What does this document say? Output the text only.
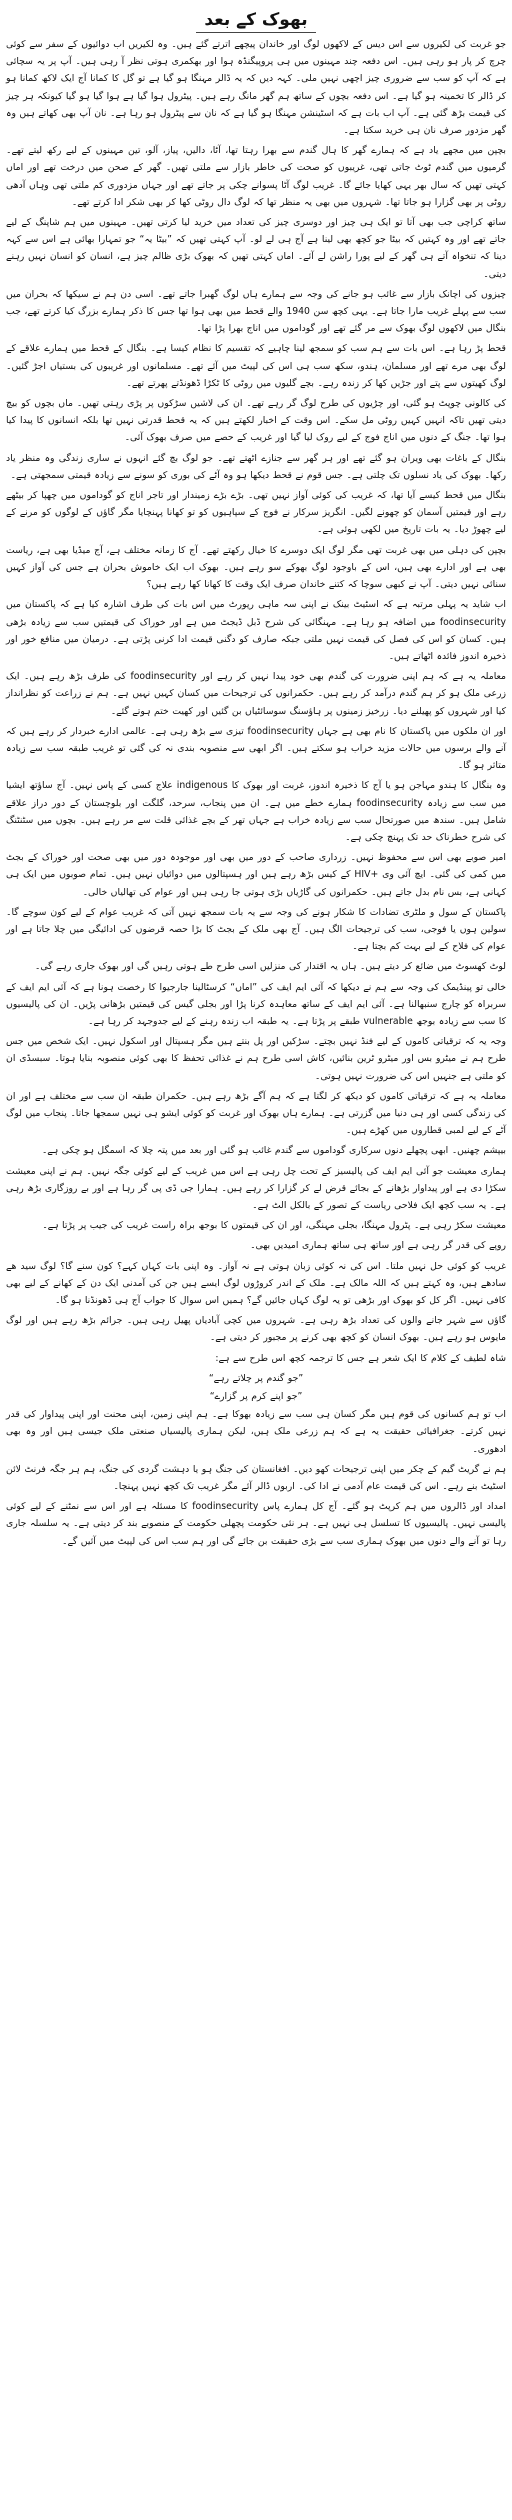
بھوک کے بعد

جو غربت کی لکیروں سے اس دیس کے لاکھوں لوگ اور خاندان پیچھے اترتے گئے ہیں۔ وہ لکیریں اب دوائیوں کے سفر سے کوئی چرچ کر پار ہو رہی ہیں۔ اس دفعہ چند مہینوں میں ہی پروپیگنڈہ ہوا اور بھکمری ہوتی نظر آ رہی ہیں۔ آپ پر یہ سچائی ہے کہ آپ کو سب سے ضروری چیز اچھی نہیں ملی۔ کہہ دیں کہ یہ ڈالر مہنگا ہو گیا ہے تو گل کا کمانا آج ایک لاکھ کمانا ہو کر ڈالر کا تخمینہ ہو گیا ہے۔ اس دفعہ بچوں کے ساتھ ہم گھر مانگ رہے ہیں۔ پیٹرول ہوا گیا ہے ہوا گیا ہو گیا کیونکہ ہر چیز کی قیمت بڑھ گئی ہے۔ آپ اب بات ہے کہ اسٹینشن مہنگا ہو گیا ہے کہ نان سے پیٹرول ہو رہا ہے۔ نان آپ بھی کھاتے ہیں وہ گھر مزدور صرف نان ہی خرید سکتا ہے۔

بچپن میں مجھے یاد ہے کہ ہمارے گھر کا ہال گندم سے بھرا رہتا تھا، آٹا، دالیں، پیاز، آلو، تین مہینوں کے لیے رکھ لیتے تھے۔ گرمیوں میں گندم ٹوٹ جاتی تھی، غریبوں کو صحت کی خاطر بازار سے ملتی تھیں۔ گھر کے صحن میں درخت تھے اور اماں کہتی تھیں کہ سال بھر یہی کھایا جائے گا۔ غریب لوگ آٹا پسوانے چکی پر جاتے تھے اور جہاں مزدوری کم ملتی تھی وہاں آدھی روٹی پر بھی گزارا ہو جاتا تھا۔ شہروں میں بھی یہ منظر تھا کہ لوگ دال روٹی کھا کر بھی شکر ادا کرتے تھے۔

ساتھ کراچی جب بھی آتا تو ایک ہی چیز اور دوسری چیز کی تعداد میں خرید لیا کرتی تھیں۔ مہینوں میں ہم شاپنگ کے لیے جاتے تھے اور وہ کہتیں کہ بیٹا جو کچھ بھی لینا ہے آج ہی لے لو۔ آپ کہتی تھیں کہ ”بیٹا یہ“ جو تمہارا بھائی ہے اس سے کہہ دینا کہ تنخواہ آتے ہی گھر کے لیے پورا راشن لے آئے۔ اماں کہتی تھیں کہ بھوک بڑی ظالم چیز ہے، انسان کو انسان نہیں رہنے دیتی۔

چیزوں کی اچانک بازار سے غائب ہو جانے کی وجہ سے ہمارے ہاں لوگ گھبرا جاتے تھے۔ اسی دن ہم نے سیکھا کہ بحران میں سب سے پہلے غریب مارا جاتا ہے۔ یہی کچھ سن 1940 والے قحط میں بھی ہوا تھا جس کا ذکر ہمارے بزرگ کیا کرتے تھے، جب بنگال میں لاکھوں لوگ بھوک سے مر گئے تھے اور گوداموں میں اناج بھرا پڑا تھا۔

قحط پڑ رہا ہے۔ اس بات سے ہم سب کو سمجھ لینا چاہیے کہ تقسیم کا نظام کیسا ہے۔ بنگال کے قحط میں ہمارے علاقے کے لوگ بھی مرے تھے اور مسلمان، ہندو، سکھ سب ہی اس کی لپیٹ میں آئے تھے۔ مسلمانوں اور غریبوں کی بستیاں اجڑ گئیں۔ لوگ کھیتوں سے پتے اور جڑیں کھا کر زندہ رہے۔ بچے گلیوں میں روٹی کا ٹکڑا ڈھونڈتے پھرتے تھے۔

کی کالونی چوپٹ ہو گئی، اور چڑیوں کی طرح لوگ گر رہے تھے۔ ان کی لاشیں سڑکوں پر پڑی رہتی تھیں۔ ماں بچوں کو بیچ دیتی تھیں تاکہ انہیں کہیں روٹی مل سکے۔ اس وقت کے اخبار لکھتے ہیں کہ یہ قحط قدرتی نہیں تھا بلکہ انسانوں کا پیدا کیا ہوا تھا۔ جنگ کے دنوں میں اناج فوج کے لیے روک لیا گیا اور غریب کے حصے میں صرف بھوک آئی۔

بنگال کے باغات بھی ویران ہو گئے تھے اور ہر گھر سے جنازے اٹھتے تھے۔ جو لوگ بچ گئے انہوں نے ساری زندگی وہ منظر یاد رکھا۔ بھوک کی یاد نسلوں تک چلتی ہے۔ جس قوم نے قحط دیکھا ہو وہ آٹے کی بوری کو سونے سے زیادہ قیمتی سمجھتی ہے۔

بنگال میں قحط کیسے آیا تھا، کہ غریب کی کوئی آواز نہیں تھی۔ بڑے بڑے زمیندار اور تاجر اناج کو گوداموں میں چھپا کر بیٹھے رہے اور قیمتیں آسمان کو چھونے لگیں۔ انگریز سرکار نے فوج کے سپاہیوں کو تو کھانا پہنچایا مگر گاؤں کے لوگوں کو مرنے کے لیے چھوڑ دیا۔ یہ بات تاریخ میں لکھی ہوئی ہے۔

بچپن کی دہلی میں بھی غربت تھی مگر لوگ ایک دوسرے کا خیال رکھتے تھے۔ آج کا زمانہ مختلف ہے، آج میڈیا بھی ہے، ریاست بھی ہے اور ادارے بھی ہیں، اس کے باوجود لوگ بھوکے سو رہے ہیں۔ بھوک اب ایک خاموش بحران ہے جس کی آواز کہیں سنائی نہیں دیتی۔ آپ نے کبھی سوچا کہ کتنے خاندان صرف ایک وقت کا کھانا کھا رہے ہیں؟

اب شاید یہ پہلی مرتبہ ہے کہ اسٹیٹ بینک نے اپنی سہ ماہی رپورٹ میں اس بات کی طرف اشارہ کیا ہے کہ پاکستان میں foodinsecurity میں اضافہ ہو رہا ہے۔ مہنگائی کی شرح ڈبل ڈیجٹ میں ہے اور خوراک کی قیمتیں سب سے زیادہ بڑھی ہیں۔ کسان کو اس کی فصل کی قیمت نہیں ملتی جبکہ صارف کو دگنی قیمت ادا کرنی پڑتی ہے۔ درمیان میں منافع خور اور ذخیرہ اندوز فائدہ اٹھاتے ہیں۔

معاملہ یہ ہے کہ ہم اپنی ضرورت کی گندم بھی خود پیدا نہیں کر رہے اور foodinsecurity کی طرف بڑھ رہے ہیں۔ ایک زرعی ملک ہو کر ہم گندم درآمد کر رہے ہیں۔ حکمرانوں کی ترجیحات میں کسان کہیں نہیں ہے۔ ہم نے زراعت کو نظرانداز کیا اور شہروں کو پھیلنے دیا۔ زرخیز زمینوں پر ہاؤسنگ سوسائٹیاں بن گئیں اور کھیت ختم ہوتے گئے۔

اور ان ملکوں میں پاکستان کا نام بھی ہے جہاں foodinsecurity تیزی سے بڑھ رہی ہے۔ عالمی ادارے خبردار کر رہے ہیں کہ آنے والے برسوں میں حالات مزید خراب ہو سکتے ہیں۔ اگر ابھی سے منصوبہ بندی نہ کی گئی تو غریب طبقہ سب سے زیادہ متاثر ہو گا۔

وہ بنگال کا ہندو مہاجن ہو یا آج کا ذخیرہ اندوز، غربت اور بھوک کا indigenous علاج کسی کے پاس نہیں۔ آج ساؤتھ ایشیا میں سب سے زیادہ foodinsecurity ہمارے خطے میں ہے۔ ان میں پنجاب، سرحد، گلگت اور بلوچستان کے دور دراز علاقے شامل ہیں۔ سندھ میں صورتحال سب سے زیادہ خراب ہے جہاں تھر کے بچے غذائی قلت سے مر رہے ہیں۔ بچوں میں سٹنٹنگ کی شرح خطرناک حد تک پہنچ چکی ہے۔

امیر صوبے بھی اس سے محفوظ نہیں۔ زرداری صاحب کے دور میں بھی اور موجودہ دور میں بھی صحت اور خوراک کے بجٹ میں کمی کی گئی۔ ایچ آئی وی +HIV کے کیس بڑھ رہے ہیں اور ہسپتالوں میں دوائیاں نہیں ہیں۔ تمام صوبوں میں ایک ہی کہانی ہے، بس نام بدل جاتے ہیں۔ حکمرانوں کی گاڑیاں بڑی ہوتی جا رہی ہیں اور عوام کی تھالیاں خالی۔

پاکستان کے سول و ملٹری تضادات کا شکار ہونے کی وجہ سے یہ بات سمجھ نہیں آتی کہ غریب عوام کے لیے کون سوچے گا۔ سولین ہوں یا فوجی، سب کی ترجیحات الگ ہیں۔ آج بھی ملک کے بجٹ کا بڑا حصہ قرضوں کی ادائیگی میں چلا جاتا ہے اور عوام کی فلاح کے لیے بہت کم بچتا ہے۔

لوٹ کھسوٹ میں ضائع کر دیتے ہیں۔ ہاں یہ اقتدار کی منزلیں اسی طرح طے ہوتی رہیں گی اور بھوک جاری رہے گی۔

خالی تو پینڈیمک کی وجہ سے ہم نے دیکھا کہ آئی ایم ایف کی ”اماں“ کرسٹالینا جارجیوا کا رخصت ہونا ہے کہ آئی ایم ایف کے سربراہ کو چارج سنبھالنا ہے۔ آئی ایم ایف کے ساتھ معاہدہ کرنا پڑا اور بجلی گیس کی قیمتیں بڑھانی پڑیں۔ ان کی پالیسیوں کا سب سے زیادہ بوجھ vulnerable طبقے پر پڑتا ہے۔ یہ طبقہ اب زندہ رہنے کے لیے جدوجہد کر رہا ہے۔

وجہ یہ کہ ترقیاتی کاموں کے لیے فنڈ نہیں بچتے۔ سڑکیں اور پل بنتے ہیں مگر ہسپتال اور اسکول نہیں۔ ایک شخص میں جس طرح ہم نے میٹرو بس اور میٹرو ٹرین بنائیں، کاش اسی طرح ہم نے غذائی تحفظ کا بھی کوئی منصوبہ بنایا ہوتا۔ سبسڈی ان کو ملتی ہے جنہیں اس کی ضرورت نہیں ہوتی۔

معاملہ یہ ہے کہ ترقیاتی کاموں کو دیکھ کر لگتا ہے کہ ہم آگے بڑھ رہے ہیں۔ حکمران طبقہ ان سب سے مختلف ہے اور ان کی زندگی کسی اور ہی دنیا میں گزرتی ہے۔ ہمارے ہاں بھوک اور غربت کو کوئی ایشو ہی نہیں سمجھا جاتا۔ پنجاب میں لوگ آٹے کے لیے لمبی قطاروں میں کھڑے ہیں۔

بیپشم چھنیں۔ ابھی پچھلے دنوں سرکاری گوداموں سے گندم غائب ہو گئی اور بعد میں پتہ چلا کہ اسمگل ہو چکی ہے۔

ہماری معیشت جو آئی ایم ایف کی پالیسیز کے تحت چل رہی ہے اس میں غریب کے لیے کوئی جگہ نہیں۔ ہم نے اپنی معیشت سکڑا دی ہے اور پیداوار بڑھانے کے بجائے قرض لے کر گزارا کر رہے ہیں۔ ہمارا جی ڈی پی گر رہا ہے اور بے روزگاری بڑھ رہی ہے۔ یہ سب کچھ ایک فلاحی ریاست کے تصور کے بالکل الٹ ہے۔

معیشت سکڑ رہی ہے۔ پٹرول مہنگا، بجلی مہنگی، اور ان کی قیمتوں کا بوجھ براہ راست غریب کی جیب پر پڑتا ہے۔

روپے کی قدر گر رہی ہے اور ساتھ ہی ساتھ ہماری امیدیں بھی۔

غریب کو کوئی حل نہیں ملتا۔ اس کی نہ کوئی زبان ہوتی ہے نہ آواز۔ وہ اپنی بات کہاں کہے؟ کون سنے گا؟ لوگ سید ھے سادھے ہیں، وہ کہتے ہیں کہ اللہ مالک ہے۔ ملک کے اندر کروڑوں لوگ ایسے ہیں جن کی آمدنی ایک دن کے کھانے کے لیے بھی کافی نہیں۔ اگر کل کو بھوک اور بڑھی تو یہ لوگ کہاں جائیں گے؟ ہمیں اس سوال کا جواب آج ہی ڈھونڈنا ہو گا۔

گاؤں سے شہر جانے والوں کی تعداد بڑھ رہی ہے۔ شہروں میں کچی آبادیاں پھیل رہی ہیں۔ جرائم بڑھ رہے ہیں اور لوگ مایوس ہو رہے ہیں۔ بھوک انسان کو کچھ بھی کرنے پر مجبور کر دیتی ہے۔

شاہ لطیف کے کلام کا ایک شعر ہے جس کا ترجمہ کچھ اس طرح سے ہے:

”جو گندم پر چلاتے رہے“

”جو اپنے کرم پر گزارے“

اب تو ہم کسانوں کی قوم ہیں مگر کسان ہی سب سے زیادہ بھوکا ہے۔ ہم اپنی زمین، اپنی محنت اور اپنی پیداوار کی قدر نہیں کرتے۔ جغرافیائی حقیقت یہ ہے کہ ہم زرعی ملک ہیں، لیکن ہماری پالیسیاں صنعتی ملک جیسی ہیں اور وہ بھی ادھوری۔

ہم نے گریٹ گیم کے چکر میں اپنی ترجیحات کھو دیں۔ افغانستان کی جنگ ہو یا دہشت گردی کی جنگ، ہم ہر جگہ فرنٹ لائن اسٹیٹ بنے رہے۔ اس کی قیمت عام آدمی نے ادا کی۔ اربوں ڈالر آئے مگر غریب تک کچھ نہیں پہنچا۔

امداد اور ڈالروں میں ہم کرپٹ ہو گئے۔ آج کل ہمارے پاس foodinsecurity کا مسئلہ ہے اور اس سے نمٹنے کے لیے کوئی پالیسی نہیں۔ پالیسیوں کا تسلسل ہی نہیں ہے۔ ہر نئی حکومت پچھلی حکومت کے منصوبے بند کر دیتی ہے۔ یہ سلسلہ جاری رہا تو آنے والے دنوں میں بھوک ہماری سب سے بڑی حقیقت بن جائے گی اور ہم سب اس کی لپیٹ میں آئیں گے۔
